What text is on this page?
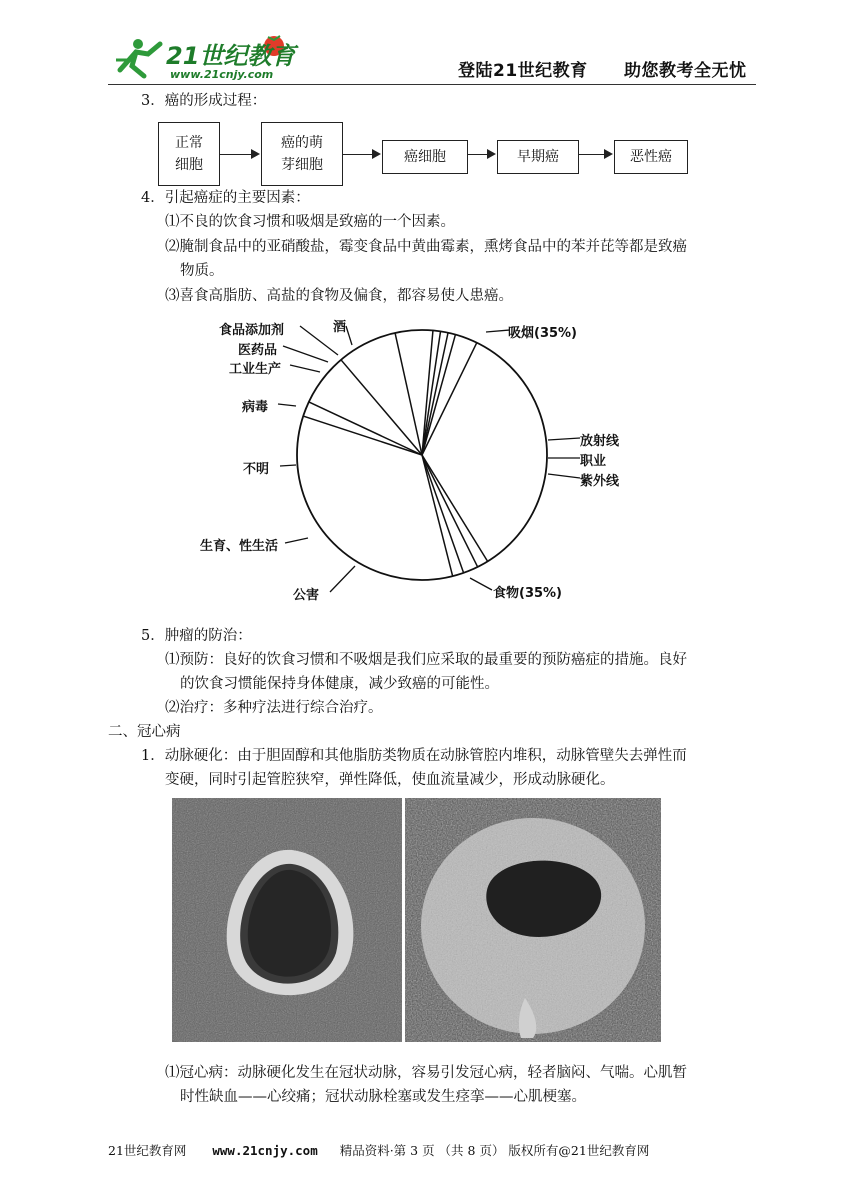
21世纪教育
www.21cnjy.com	登陆21世纪教育 助您教考全无忧
3．癌的形成过程：
正常
细胞
癌的萌
芽细胞	癌细胞	早期癌	恶性癌
4．引起癌症的主要因素：
⑴不良的饮食习惯和吸烟是致癌的一个因素。
⑵腌制食品中的亚硝酸盐，霉变食品中黄曲霉素，熏烤食品中的苯并芘等都是致癌
物质。
⑶喜食高脂肪、高盐的食物及偏食，都容易使人患癌。
吸烟(35%)
放射线
职业
紫外线
食物(35%)
公害
生育、性生活
不明
病毒
工业生产
医药品
食品添加剂	酒
5．肿瘤的防治：
⑴预防：良好的饮食习惯和不吸烟是我们应采取的最重要的预防癌症的措施。良好
的饮食习惯能保持身体健康，减少致癌的可能性。
⑵治疗：多种疗法进行综合治疗。
二、冠心病
1．动脉硬化：由于胆固醇和其他脂肪类物质在动脉管腔内堆积，动脉管壁失去弹性而
变硬，同时引起管腔狭窄，弹性降低，使血流量减少，形成动脉硬化。
⑴冠心病：动脉硬化发生在冠状动脉，容易引发冠心病，轻者脑闷、气喘。心肌暂
时性缺血——心绞痛；冠状动脉栓塞或发生痉挛——心肌梗塞。
21世纪教育网 www.21cnjy.com 精品资料·第 3 页 （共 8 页） 版权所有@21世纪教育网
